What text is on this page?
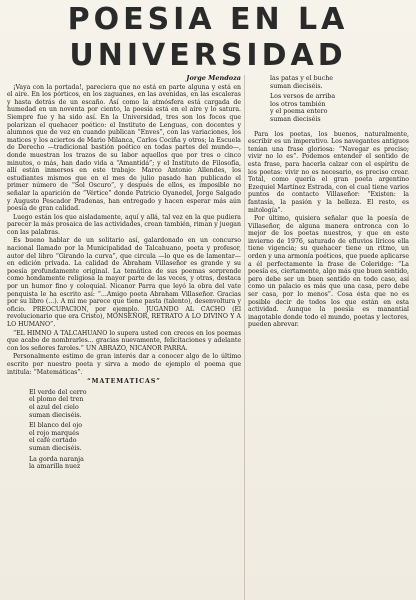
POESIA EN LA
UNIVERSIDAD
Jorge Mendoza

¡Vaya con la portada!, pareciera que no está en parte alguna y está en el aire. En los pórticos, en los zaguanes, en las avenidas, en las escaleras y hasta detrás de un escaño. Así como la atmósfera está cargada de humedad en un noventa por ciento, la poesía está en el aire y lo satura. Siempre fue y ha sido así. En la Universidad, tres son los focos que polarizan el quehacer poético: el Instituto de Lenguas, con docentes y alumnos que de vez en cuando publican “Enves”, con las variaciones, los matices y los aciertos de Mario Milanca, Carlos Cociña y otros; la Escuela de Derecho —tradicional bastión poético en todas partes del mundo—, donde muestran los trazos de su labor aquellos que por tres o cinco minutos, o más, han dado vida a “Amantidá”; y el Instituto de Filosofía, allí están inmersos en este trabajo: Marco Antonio Allendes, los estudiantes mismos que en el mes de julio pasado han publicado el primer número de “Sol Oscuro”, y después de ellos, es imposible no señalar la aparición de “Vértice” donde Patricio Oyanedel, Jorge Salgado y Augusto Pescador Pradenas, han entregado y hacen esperar más aún poesía de gran calidad.

Luego están los que aisladamente, aquí y allá, tal vez en la que pudiera parecer la más prosaica de las actividades, crean también, riman y juegan con las palabras.

Es bueno hablar de un solitario así, galardonado en un concurso nacional llamado por la Municipalidad de Talcahuano, poeta y profesor, autor del libro “Girando la curva”, que circula —lo que es de lamentar— en edición privada. La calidad de Abraham Villaseñor es grande y su poesía profundamente original. La temática de sus poemas sorprende como hondamente religiosa la mayor parte de las veces, y otras, destaca por un humor fino y coloquial. Nicanor Parra que leyó la obra del vate penquista le ha escrito así: “...Amigo poeta Abraham Villaseñor. Gracias por su libro (...). A mi me parece que tiene pasta (talento), desenvoltura y oficio. PREOCUPACION, por ejemplo. JUGANDO AL CACHO (El revolucionario que era Cristo), MONSEÑOR, RETRATO A LO DIVINO Y A LO HUMANO”.

“EL HIMNO A TALCAHUANO lo supera usted con creces en los poemas que acabo de nombrarles... gracias nuevamente, felicitaciones y adelante con los señores faroles.” UN ABRAZO, NICANOR PARRA.

Personalmente estimo de gran interés dar a conocer algo de lo último escrito por nuestro poeta y sirva a modo de ejemplo el poema que intitula: “Matemáticas”.

“MATEMATICAS”
El verde del cerro
el plomo del tren
el azul del cielo
suman dieciséis.
El blanco del ojo
el rojo marqués
el café cortado
suman dieciséis.
La gorda naranja
la amarilla nuez
las patas y el buche
suman dieciséis.
Los versos de arriba
los otros también
y el poema entero
suman dieciséis

Para los poetas, los buenos, naturalmente, escribir es un imperativo. Los navegantes antiguos tenían una frase gloriosa: “Navegar es preciso; vivir no lo es”. Podemos entender el sentido de esta frase, para hacerla calzar con el espíritu de los poetas: vivir no es necesario, es preciso crear. Total, como quería el gran poeta argentino Ezequiel Martínez Estrada, con el cual tiene varios puntos de contacto Villaseñor: “Existen: la fantasía, la pasión y la belleza. El resto, es mitología”.

Por último, quisiera señalar que la poesía de Villaseñor, de alguna manera entronca con lo mejor de los poetas nuestros, y que en este invierno de 1976, saturado de efluvios líricos ella tiene vigencia; su quehacer tiene un ritmo, un orden y una armonía poéticos, que puede aplicarse a él perfectamente la frase de Coleridge: “La poesía es, ciertamente, algo más que buen sentido, pero debe ser un buen sentido en todo caso, así como un palacio es más que una casa, pero debe ser casa, por lo menos”. Cosa ésta que no es posible decir de todos los que están en esta actividad. Aunque la poesía es manantial inagotable donde todo el mundo, poetas y lectores, pueden abrevar.
